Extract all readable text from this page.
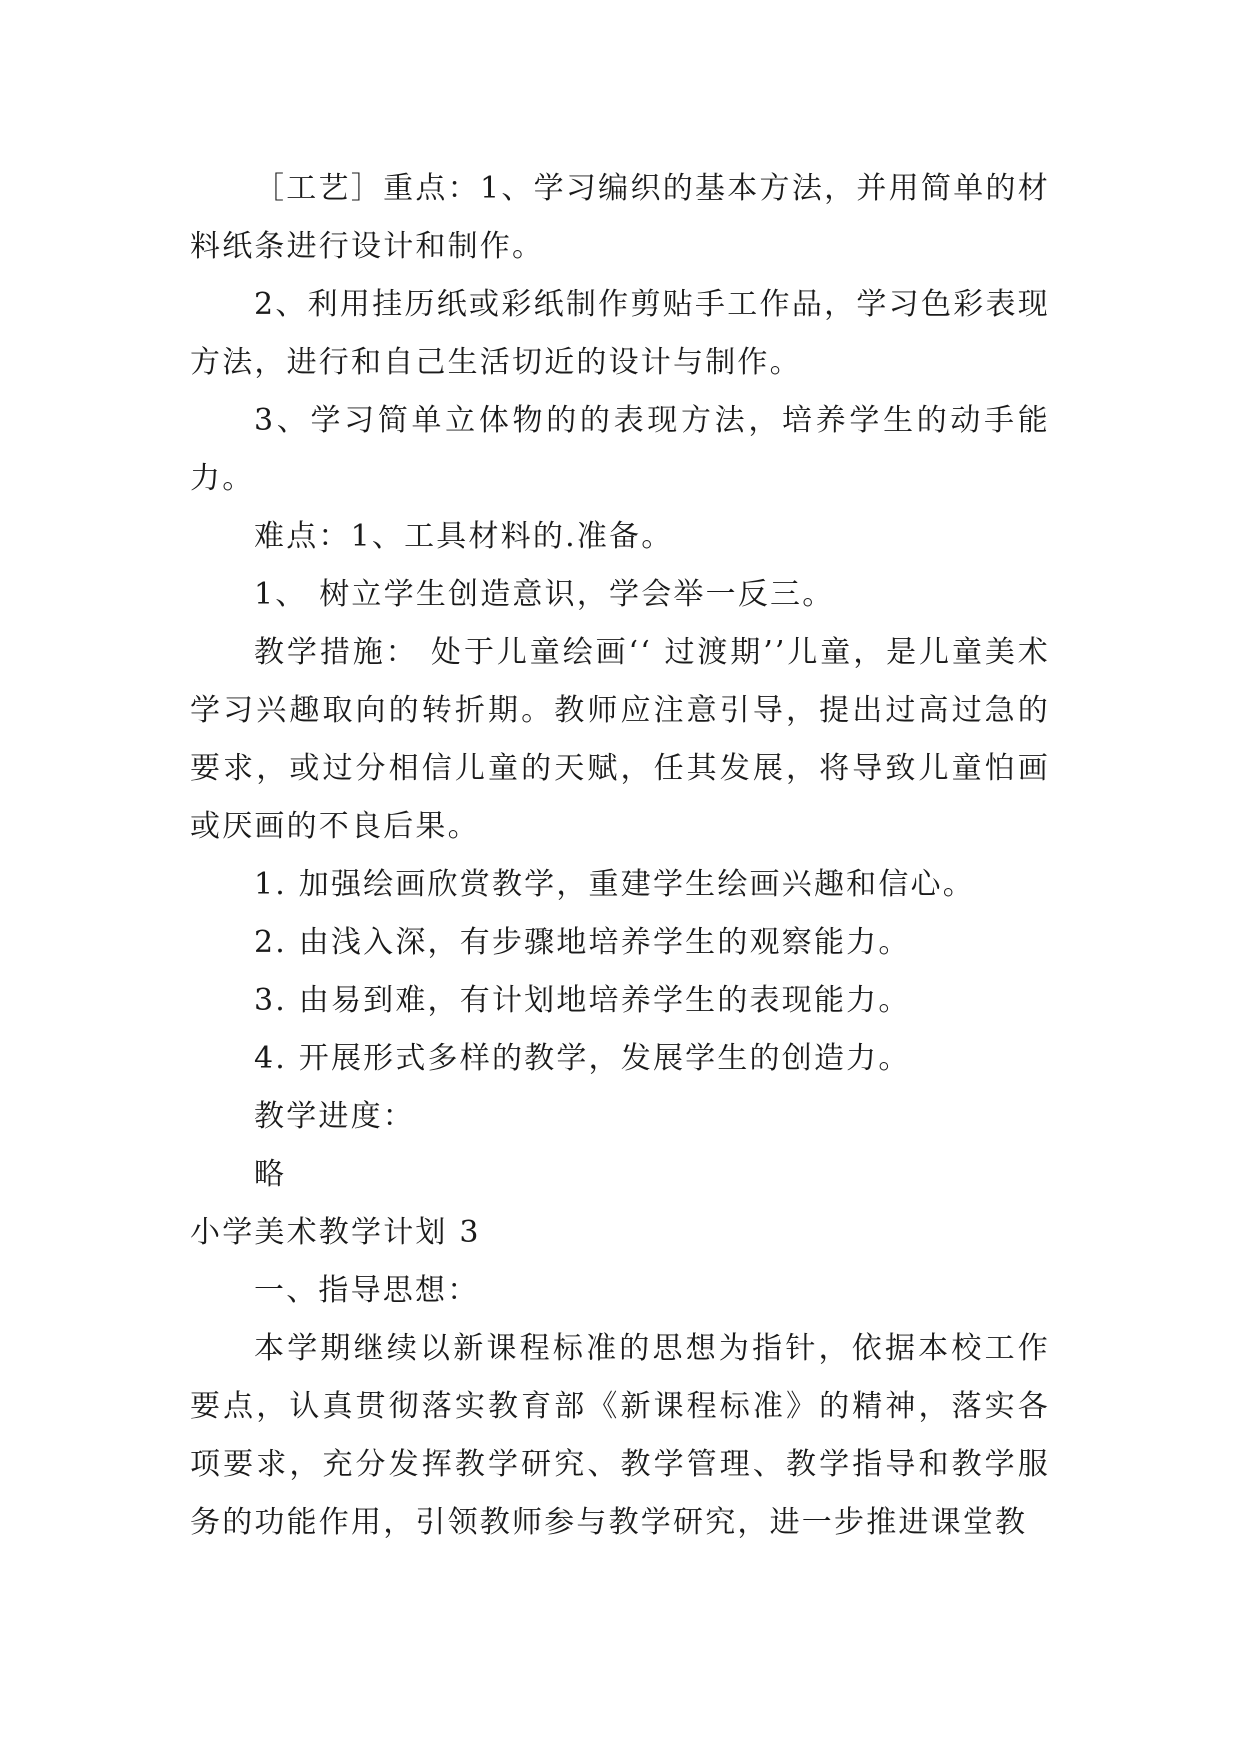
［工艺］重点：1、学习编织的基本方法，并用简单的材料纸条进行设计和制作。

2、利用挂历纸或彩纸制作剪贴手工作品，学习色彩表现方法，进行和自己生活切近的设计与制作。

3、学习简单立体物的的表现方法，培养学生的动手能力。

难点：1、工具材料的.准备。

1、 树立学生创造意识，学会举一反三。

教学措施： 处于儿童绘画‘‘ 过渡期’’儿童，是儿童美术学习兴趣取向的转折期。教师应注意引导，提出过高过急的要求，或过分相信儿童的天赋，任其发展，将导致儿童怕画或厌画的不良后果。

1. 加强绘画欣赏教学，重建学生绘画兴趣和信心。

2. 由浅入深，有步骤地培养学生的观察能力。

3. 由易到难，有计划地培养学生的表现能力。

4. 开展形式多样的教学，发展学生的创造力。

教学进度：

略

小学美术教学计划 3

一、指导思想：

本学期继续以新课程标准的思想为指针，依据本校工作要点，认真贯彻落实教育部《新课程标准》的精神，落实各项要求，充分发挥教学研究、教学管理、教学指导和教学服务的功能作用，引领教师参与教学研究，进一步推进课堂教
